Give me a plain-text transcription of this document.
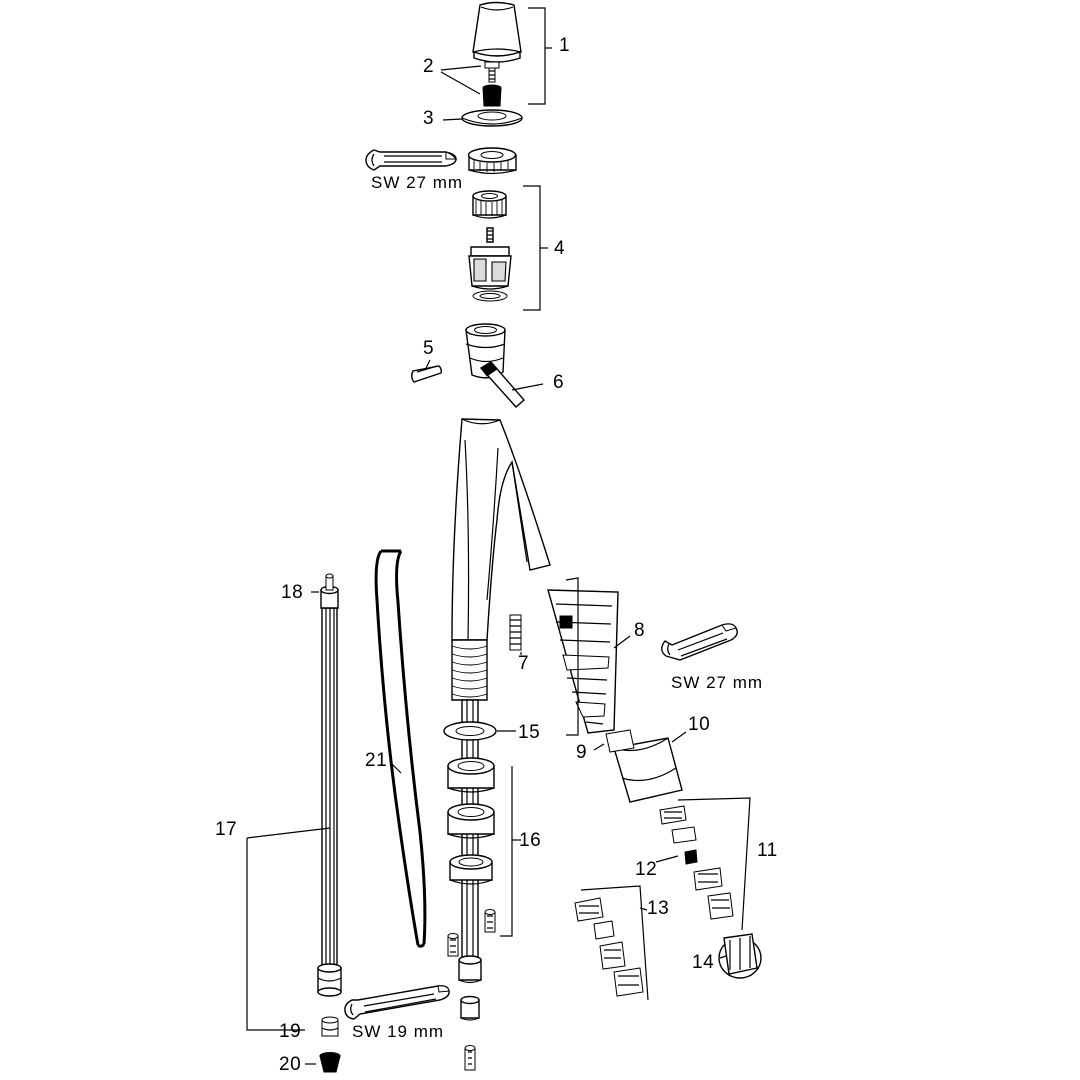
1
2
3
4
5
6
7
8
9
10
11
12
13
14
15
16
17
18
19
20
21
SW 27 mm
SW 27 mm
SW 19 mm
